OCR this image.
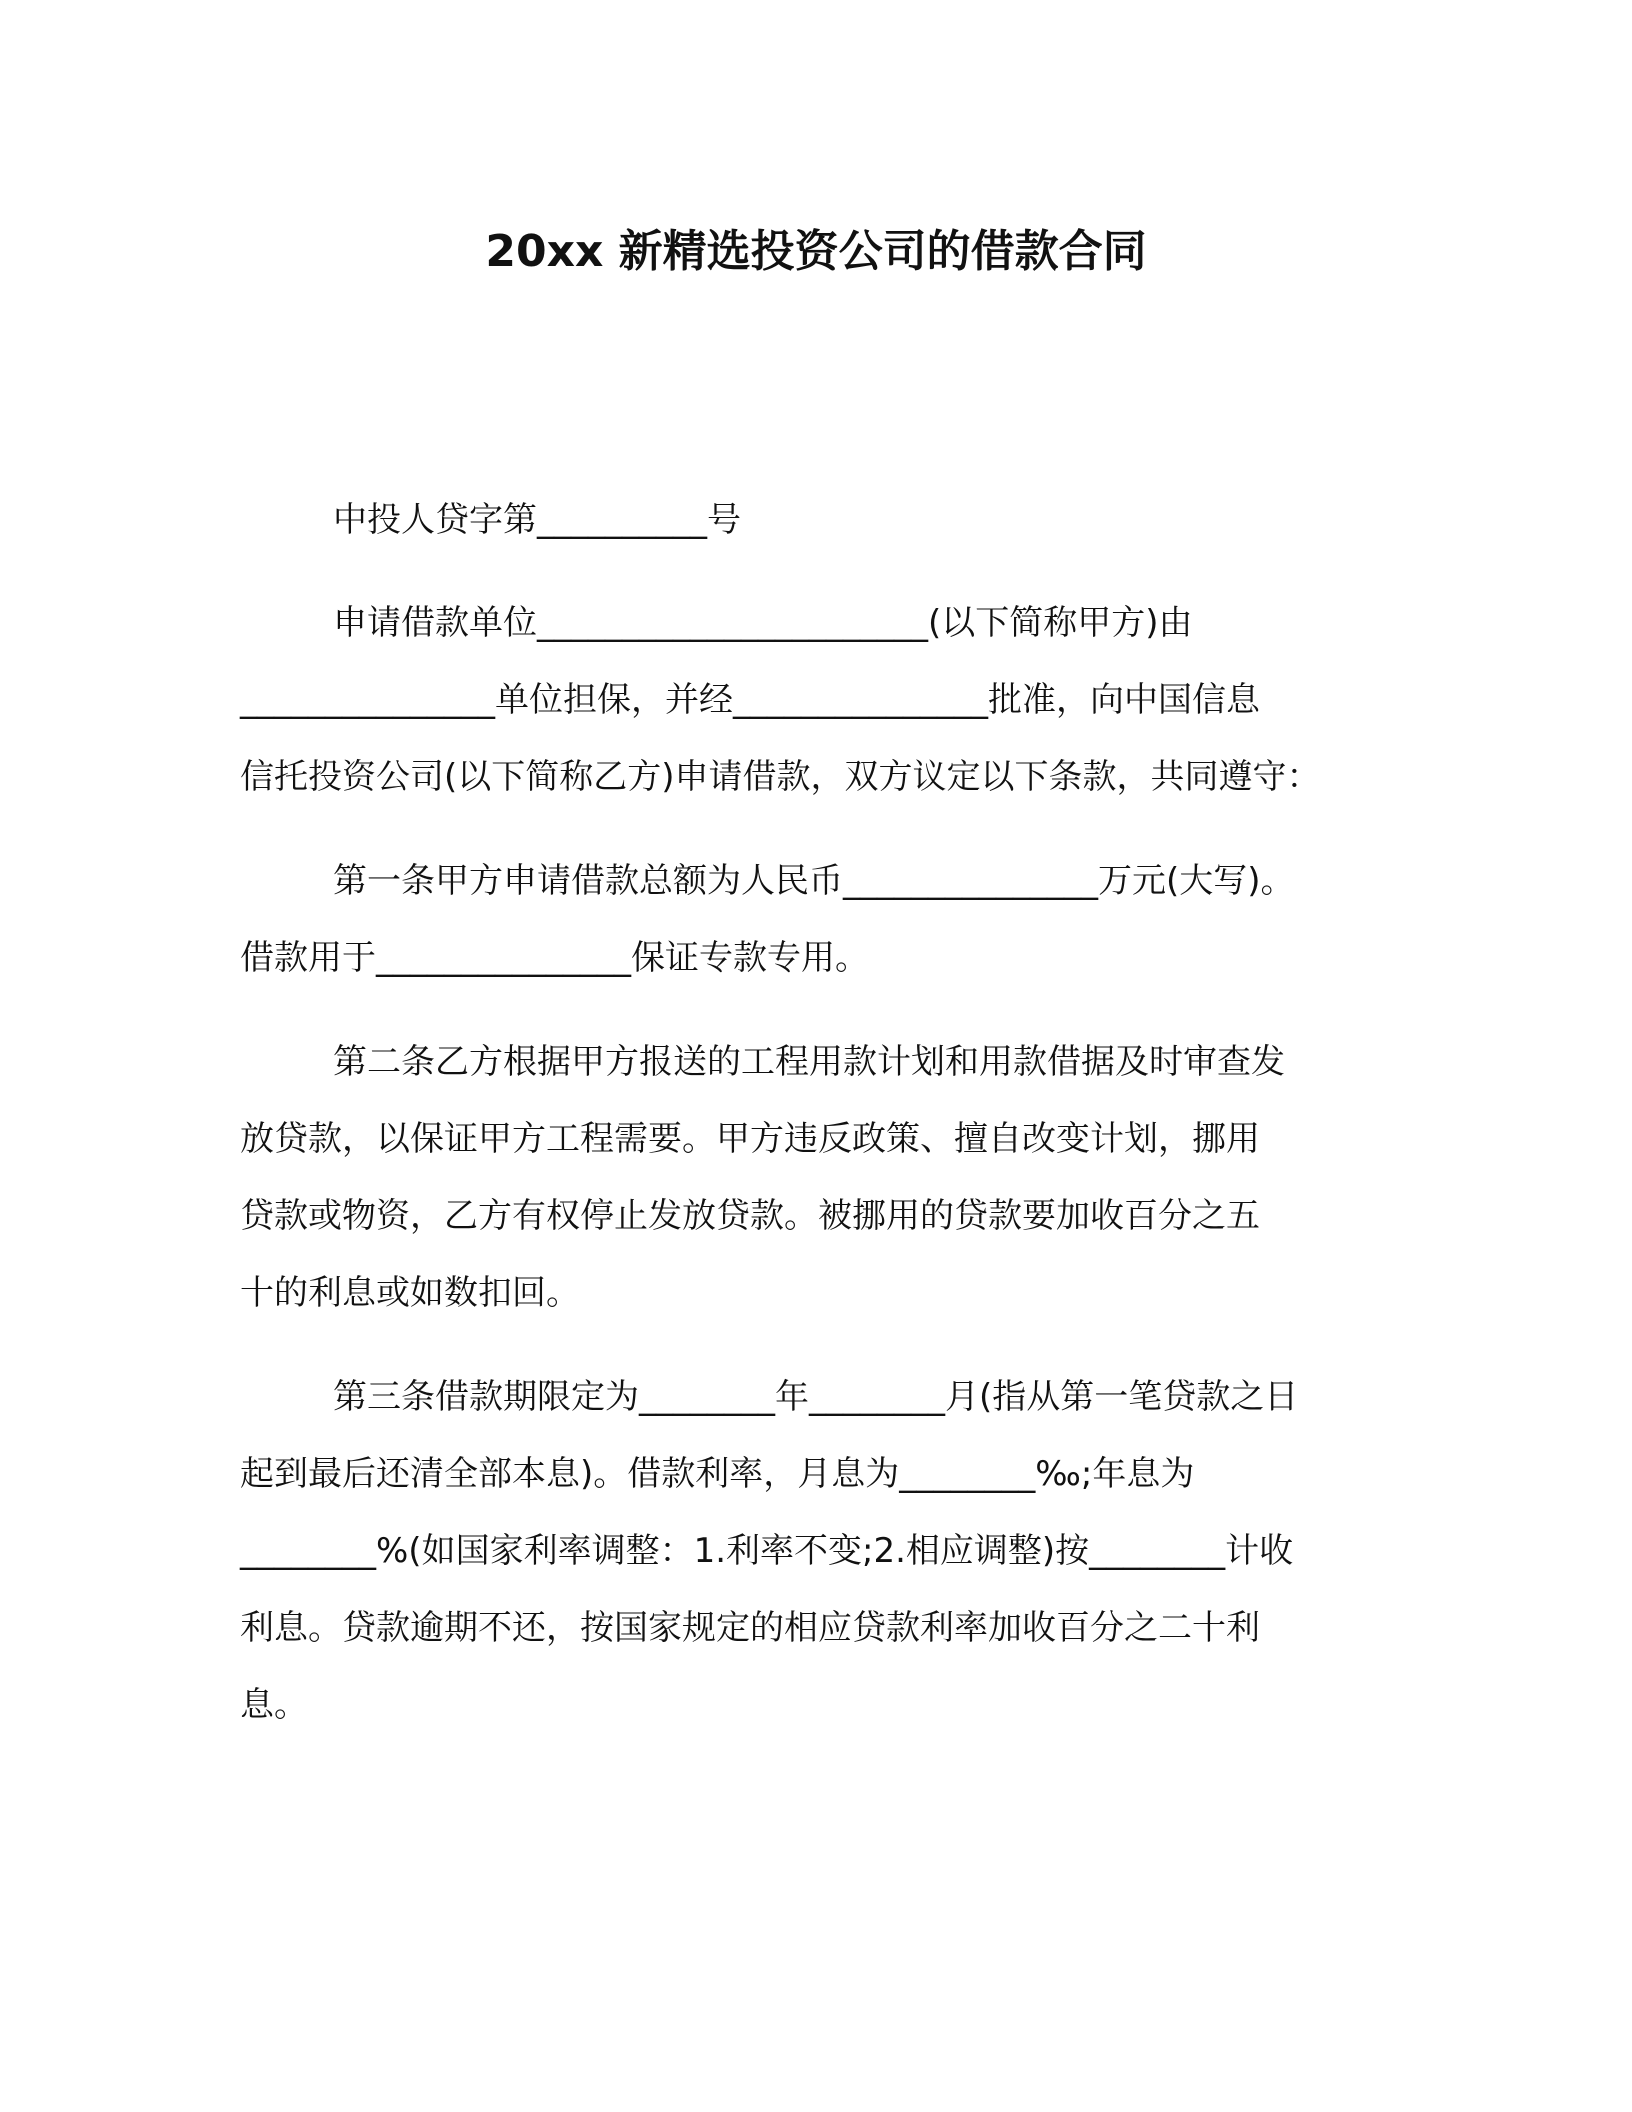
20xx 新精选投资公司的借款合同
中投人贷字第__________号
申请借款单位_______________________(以下简称甲方)由
_______________单位担保，并经_______________批准，向中国信息
信托投资公司(以下简称乙方)申请借款，双方议定以下条款，共同遵守：
第一条甲方申请借款总额为人民币_______________万元(大写)。
借款用于_______________保证专款专用。
第二条乙方根据甲方报送的工程用款计划和用款借据及时审查发
放贷款，以保证甲方工程需要。甲方违反政策、擅自改变计划，挪用
贷款或物资，乙方有权停止发放贷款。被挪用的贷款要加收百分之五
十的利息或如数扣回。
第三条借款期限定为________年________月(指从第一笔贷款之日
起到最后还清全部本息)。借款利率，月息为________‰;年息为
________%(如国家利率调整：1.利率不变;2.相应调整)按________计收
利息。贷款逾期不还，按国家规定的相应贷款利率加收百分之二十利
息。
